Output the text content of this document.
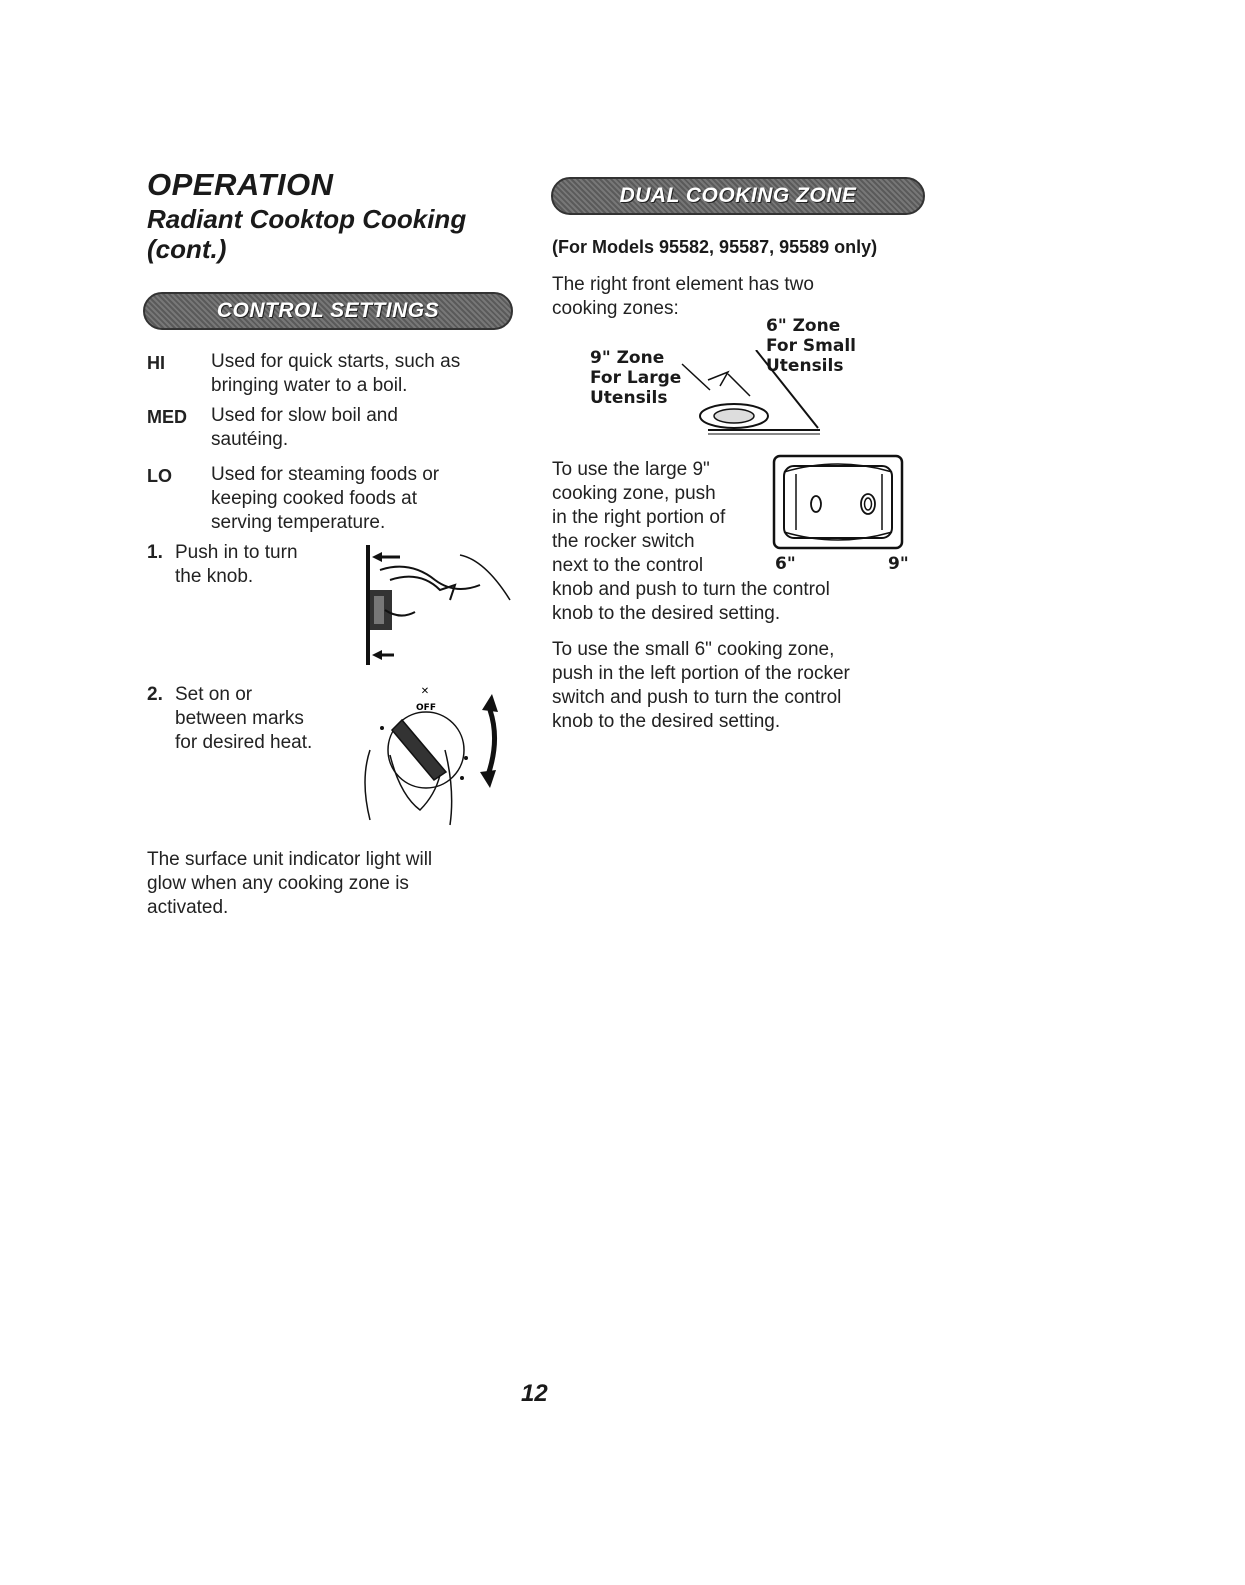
OPERATION
Radiant Cooktop Cooking
(cont.)
CONTROL SETTINGS
HI Used for quick starts, such as
bringing water to a boil.
MED Used for slow boil and
sautéing.
LO Used for steaming foods or
keeping cooked foods at
serving temperature.
1. Push in to turn
the knob.
2. Set on or
between marks
for desired heat.
✕
OFF
The surface unit indicator light will
glow when any cooking zone is
activated.
DUAL COOKING ZONE
(For Models 95582, 95587, 95589 only)
The right front element has two
cooking zones:
9" Zone
For Large
Utensils
6" Zone
For Small
Utensils
To use the large 9"
cooking zone, push
in the right portion of
the rocker switch
next to the control
knob and push to turn the control
knob to the desired setting.
6"	9"
To use the small 6" cooking zone,
push in the left portion of the rocker
switch and push to turn the control
knob to the desired setting.
12
